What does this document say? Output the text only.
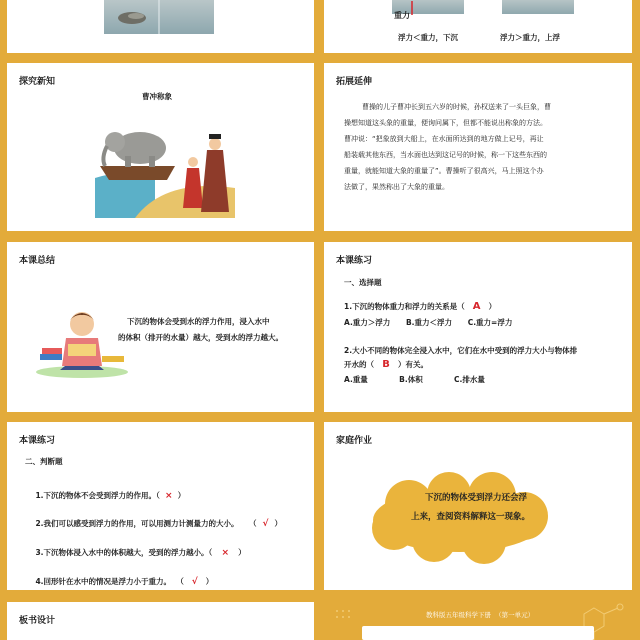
重力
浮力＜重力，下沉	浮力＞重力，上浮
探究新知
曹冲称象
拓展延伸
曹操的儿子曹冲长到五六岁的时候，孙权送来了一头巨象，曹
操想知道这头象的重量，便询问属下，但都不能说出称象的方法。
曹冲说：“把象放到大船上，在水面所达到的地方做上记号，再让
船装载其他东西，当水面也达到这记号的时候，称一下这些东西的
重量，就能知道大象的重量了”。曹操听了很高兴，马上照这个办
法做了，果然称出了大象的重量。
本课总结
下沉的物体会受到水的浮力作用，浸入水中
的体积（排开的水量）越大，受到水的浮力越大。
本课练习
一、选择题
1.下沉的物体重力和浮力的关系是（ A ）
A.重力＞浮力      B.重力＜浮力      C.重力=浮力
2.大小不同的物体完全浸入水中，它们在水中受到的浮力大小与物体排
开水的（ B ）有关。
A.重量            B.体积            C.排水量
本课练习
二、判断题

1.下沉的物体不会受到浮力的作用。（ × ）

2.我们可以感受到浮力的作用，可以用测力计测量力的大小。    （ √ ）

3.下沉物体浸入水中的体积越大，受到的浮力越小。（ × ）

4.回形针在水中的情况是浮力小于重力。  （ √ ）

家庭作业
下沉的物体受到浮力还会浮
上来，查阅资料解释这一现象。
板书设计
教科版五年级科学下册  （第一单元）
